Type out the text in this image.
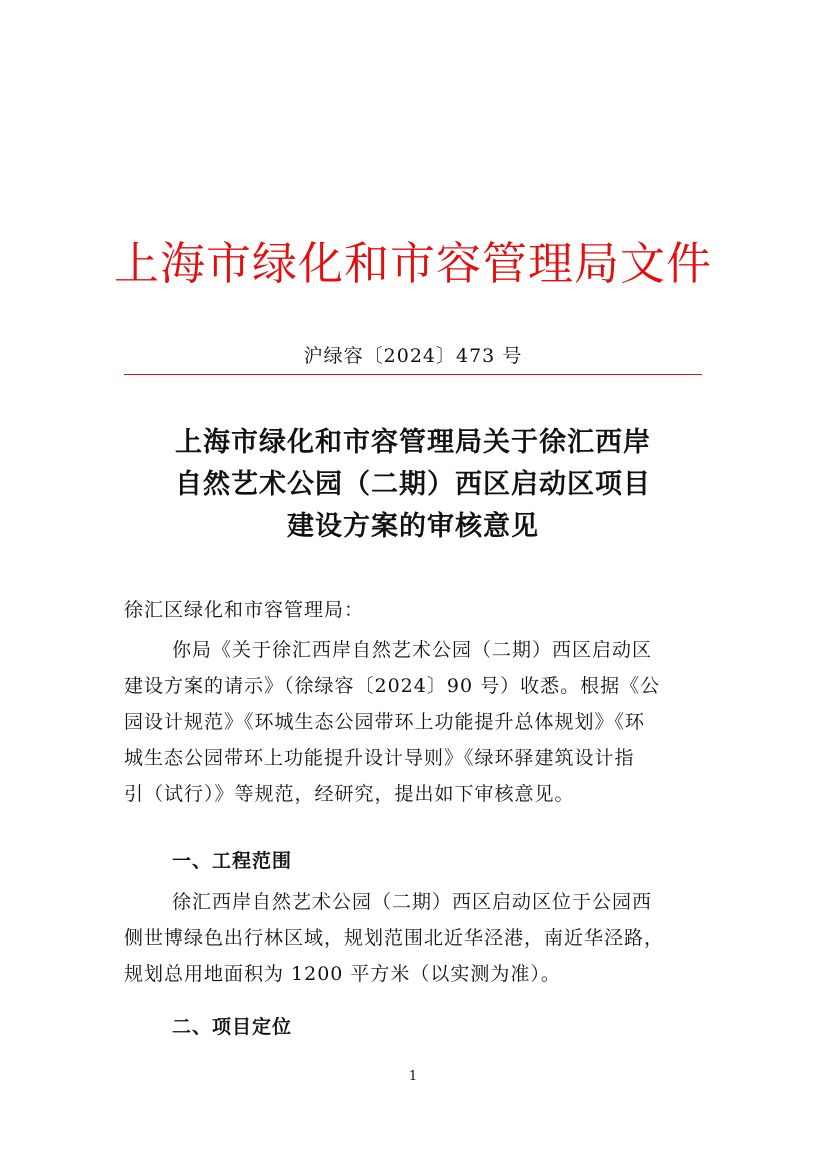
上海市绿化和市容管理局文件
沪绿容〔2024〕473 号
上海市绿化和市容管理局关于徐汇西岸
自然艺术公园（二期）西区启动区项目
建设方案的审核意见
徐汇区绿化和市容管理局：
你局《关于徐汇西岸自然艺术公园（二期）西区启动区
建设方案的请示》（徐绿容〔2024〕90 号）收悉。根据《公
园设计规范》《环城生态公园带环上功能提升总体规划》《环
城生态公园带环上功能提升设计导则》《绿环驿建筑设计指
引（试行）》等规范，经研究，提出如下审核意见。
一、工程范围
徐汇西岸自然艺术公园（二期）西区启动区位于公园西
侧世博绿色出行林区域，规划范围北近华泾港，南近华泾路，
规划总用地面积为 1200 平方米（以实测为准）。
二、项目定位
1
